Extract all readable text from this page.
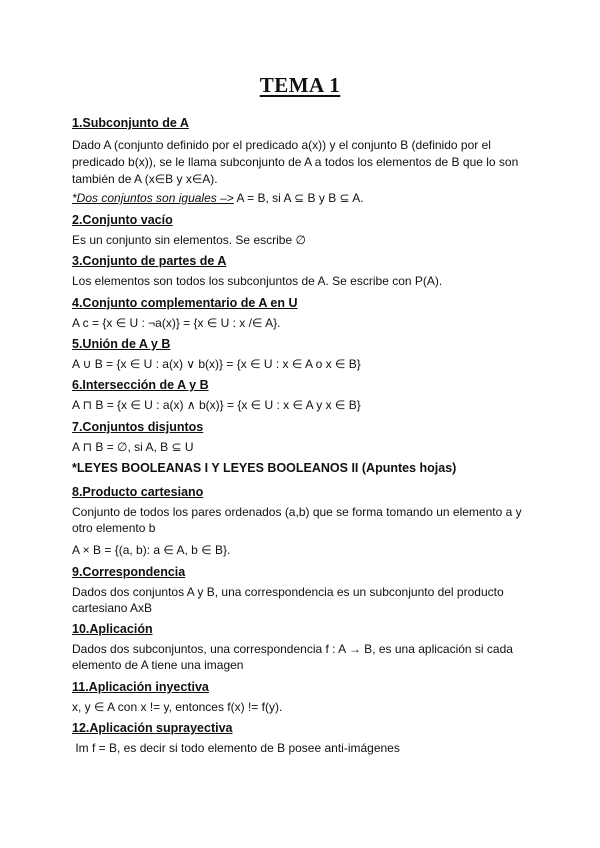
TEMA 1
1.Subconjunto de A
Dado A (conjunto definido por el predicado a(x)) y el conjunto B (definido por el
predicado b(x)), se le llama subconjunto de A a todos los elementos de B que lo son
también de A (x∈B y x∈A).
*Dos conjuntos son iguales –> A = B, si A ⊆ B y B ⊆ A.
2.Conjunto vacío
Es un conjunto sin elementos. Se escribe ∅
3.Conjunto de partes de A
Los elementos son todos los subconjuntos de A. Se escribe con P(A).
4.Conjunto complementario de A en U
A c = {x ∈ U : ¬a(x)} = {x ∈ U : x /∈ A}.
5.Unión de A y B
A ∪ B = {x ∈ U : a(x) ∨ b(x)} = {x ∈ U : x ∈ A o x ∈ B}
6.Intersección de A y B
A ⊓ B = {x ∈ U : a(x) ∧ b(x)} = {x ∈ U : x ∈ A y x ∈ B}
7.Conjuntos disjuntos
A ⊓ B = ∅, si A, B ⊆ U
*LEYES BOOLEANAS I Y LEYES BOOLEANOS II (Apuntes hojas)
8.Producto cartesiano
Conjunto de todos los pares ordenados (a,b) que se forma tomando un elemento a y
otro elemento b
A × B = {(a, b): a ∈ A, b ∈ B}.
9.Correspondencia
Dados dos conjuntos A y B, una correspondencia es un subconjunto del producto
cartesiano AxB
10.Aplicación
Dados dos subconjuntos, una correspondencia f : A → B, es una aplicación si cada
elemento de A tiene una imagen
11.Aplicación inyectiva
x, y ∈ A con x != y, entonces f(x) != f(y).
12.Aplicación suprayectiva
Im f = B, es decir si todo elemento de B posee anti-imágenes
